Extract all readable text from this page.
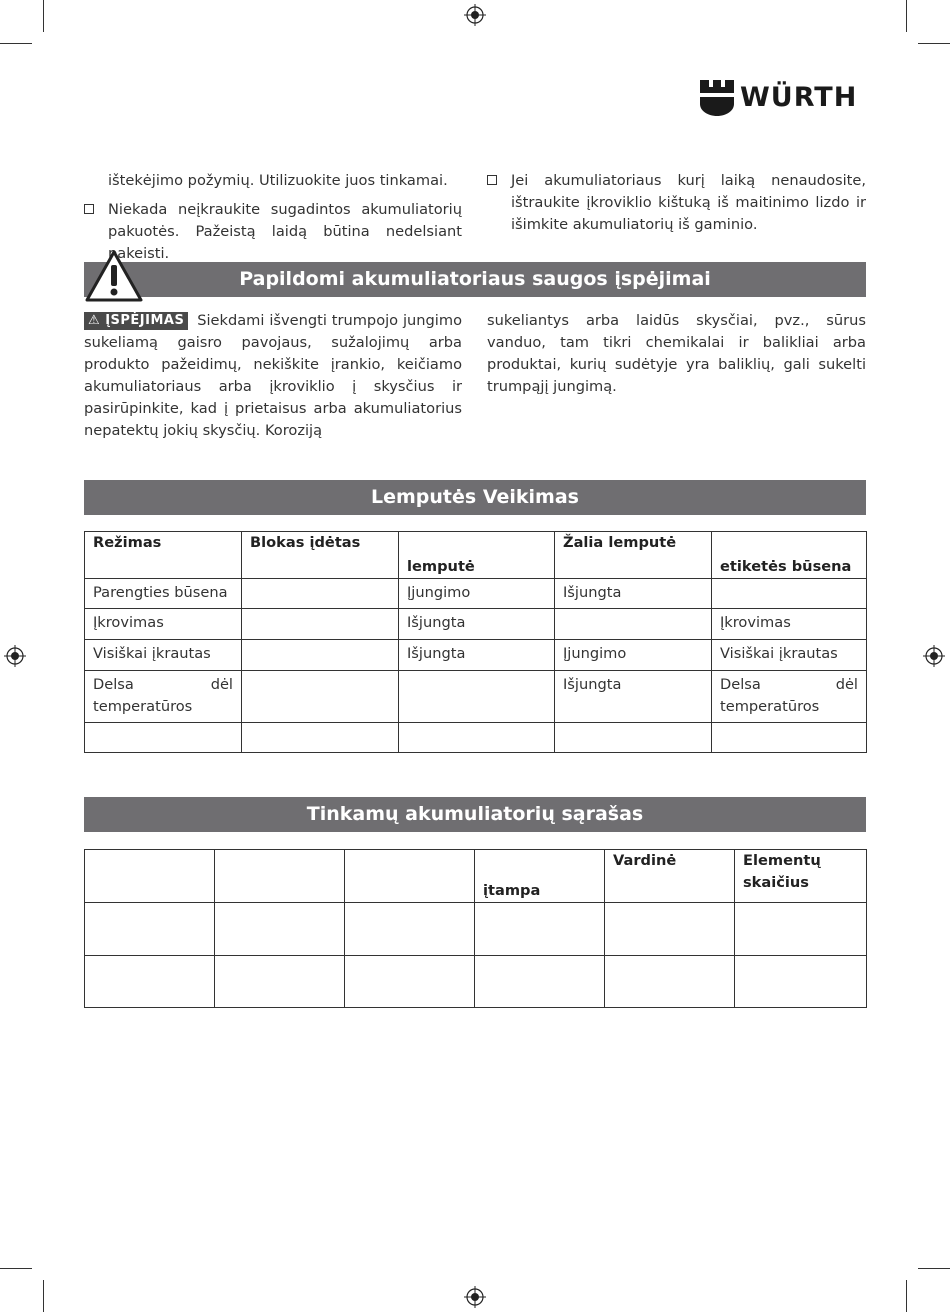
WÜRTH
ištekėjimo požymių. Utilizuokite juos tinkamai.
Niekada neįkraukite sugadintos akumuliatorių pakuotės. Pažeistą laidą būtina nedelsiant pakeisti.
Jei akumuliatoriaus kurį laiką nenaudosite, ištraukite įkroviklio kištuką iš maitinimo lizdo ir išimkite akumuliatorių iš gaminio.
Papildomi akumuliatoriaus saugos įspėjimai
⚠ ĮSPĖJIMAS Siekdami išvengti trumpojo jungimo sukeliamą gaisro pavojaus, sužalojimų arba produkto pažeidimų, nekiškite įrankio, keičiamo akumuliatoriaus arba įkroviklio į skysčius ir pasirūpinkite, kad į prietaisus arba akumuliatorius nepatektų jokių skysčių. Koroziją
sukeliantys arba laidūs skysčiai, pvz., sūrus vanduo, tam tikri chemikalai ir balikliai arba produktai, kurių sudėtyje yra baliklių, gali sukelti trumpąjį jungimą.
Lemputės Veikimas
Režimas	Blokas įdėtas	lemputė	Žalia lemputė	etiketės būsena
Parengties būsena		Įjungimo	Išjungta	
Įkrovimas		Išjungta		Įkrovimas
Visiškai įkrautas		Išjungta	Įjungimo	Visiškai įkrautas
Delsa dėl temperatūros			Išjungta	Delsa dėl temperatūros

Tinkamų akumuliatorių sąrašas
			įtampa	Vardinė	Elementų skaičius
